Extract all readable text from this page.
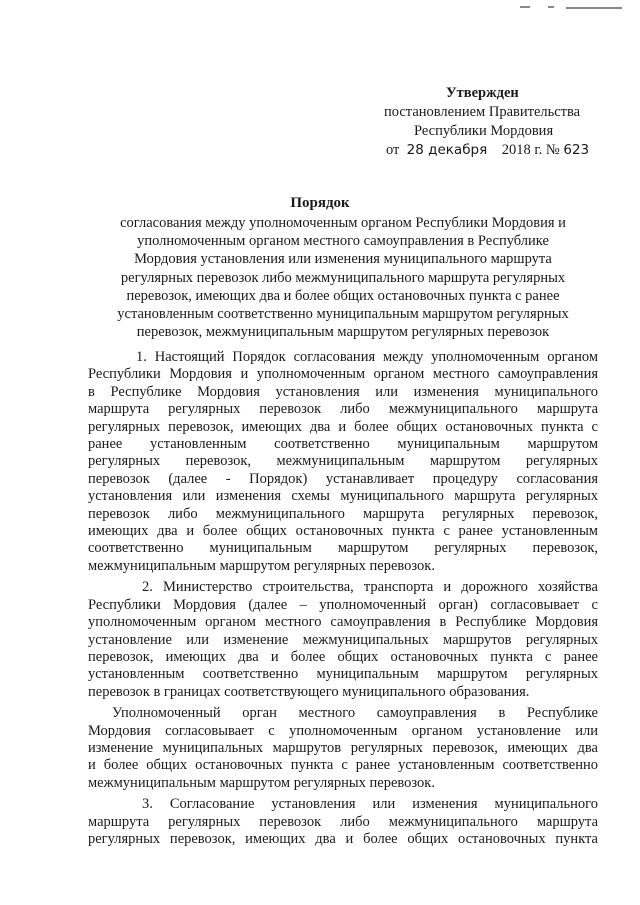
Утвержден
постановлением Правительства
Республики Мордовия
от 28 декабря 2018 г. № 623
Порядок
согласования между уполномоченным органом Республики Мордовия и
уполномоченным органом местного самоуправления в Республике
Мордовия установления или изменения муниципального маршрута
регулярных перевозок либо межмуниципального маршрута регулярных
перевозок, имеющих два и более общих остановочных пункта с ранее
установленным соответственно муниципальным маршрутом регулярных
перевозок, межмуниципальным маршрутом регулярных перевозок

1. Настоящий Порядок согласования между уполномоченным органом
Республики Мордовия и уполномоченным органом местного самоуправления
в Республике Мордовия установления или изменения муниципального
маршрута регулярных перевозок либо межмуниципального маршрута
регулярных перевозок, имеющих два и более общих остановочных пункта с
ранее установленным соответственно муниципальным маршрутом
регулярных перевозок, межмуниципальным маршрутом регулярных
перевозок (далее - Порядок) устанавливает процедуру согласования
установления или изменения схемы муниципального маршрута регулярных
перевозок либо межмуниципального маршрута регулярных перевозок,
имеющих два и более общих остановочных пункта с ранее установленным
соответственно муниципальным маршрутом регулярных перевозок,
межмуниципальным маршрутом регулярных перевозок.

2. Министерство строительства, транспорта и дорожного хозяйства
Республики Мордовия (далее – уполномоченный орган) согласовывает с
уполномоченным органом местного самоуправления в Республике Мордовия
установление или изменение межмуниципальных маршрутов регулярных
перевозок, имеющих два и более общих остановочных пункта с ранее
установленным соответственно муниципальным маршрутом регулярных
перевозок в границах соответствующего муниципального образования.

Уполномоченный орган местного самоуправления в Республике
Мордовия согласовывает с уполномоченным органом установление или
изменение муниципальных маршрутов регулярных перевозок, имеющих два
и более общих остановочных пункта с ранее установленным соответственно
межмуниципальным маршрутом регулярных перевозок.

3. Согласование установления или изменения муниципального
маршрута регулярных перевозок либо межмуниципального маршрута
регулярных перевозок, имеющих два и более общих остановочных пункта
